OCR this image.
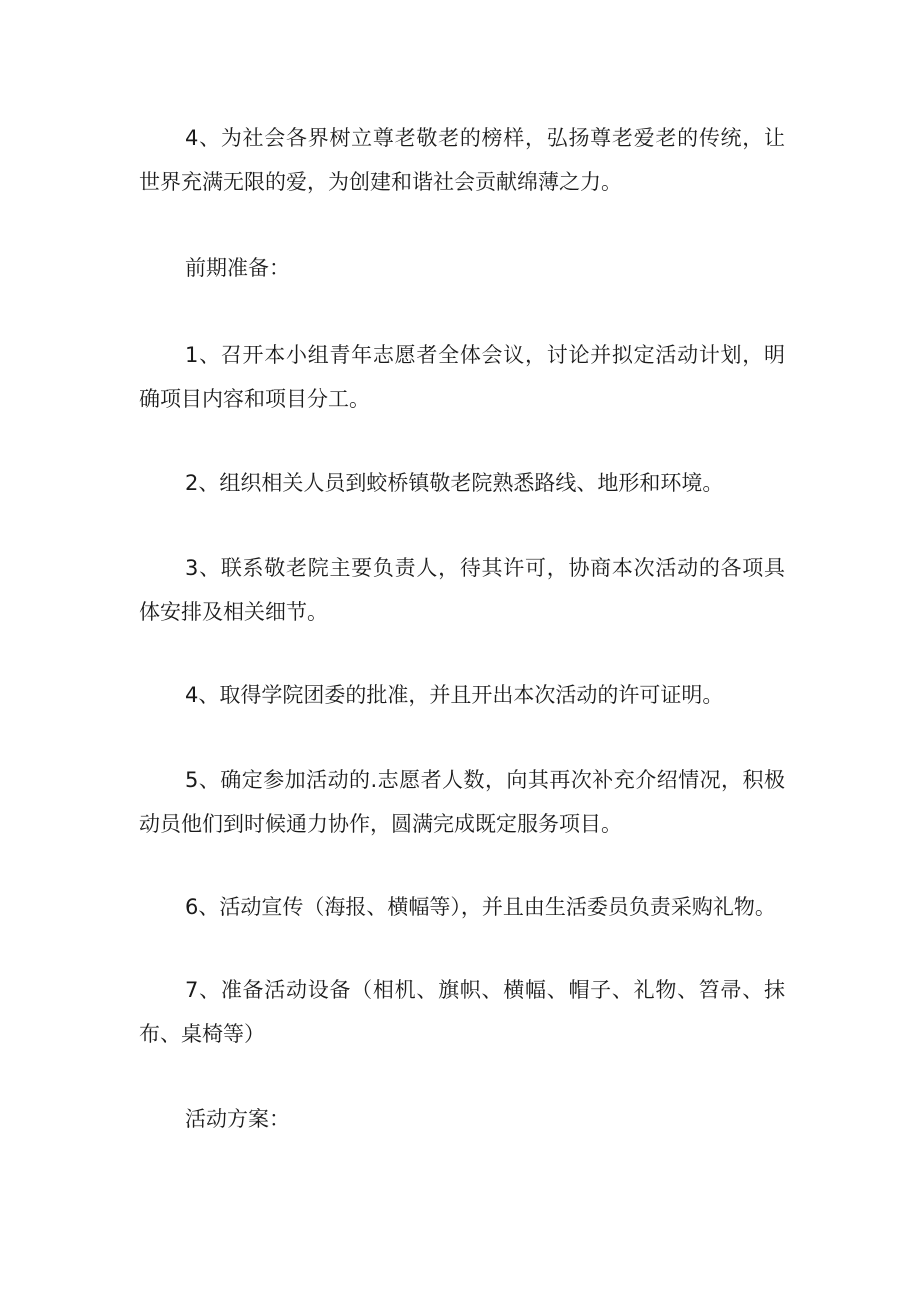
4、为社会各界树立尊老敬老的榜样，弘扬尊老爱老的传统，让世界充满无限的爱，为创建和谐社会贡献绵薄之力。

前期准备：

1、召开本小组青年志愿者全体会议，讨论并拟定活动计划，明确项目内容和项目分工。

2、组织相关人员到蛟桥镇敬老院熟悉路线、地形和环境。

3、联系敬老院主要负责人，待其许可，协商本次活动的各项具体安排及相关细节。

4、取得学院团委的批准，并且开出本次活动的许可证明。

5、确定参加活动的.志愿者人数，向其再次补充介绍情况，积极动员他们到时候通力协作，圆满完成既定服务项目。

6、活动宣传（海报、横幅等），并且由生活委员负责采购礼物。

7、准备活动设备（相机、旗帜、横幅、帽子、礼物、笤帚、抹布、桌椅等）

活动方案：
